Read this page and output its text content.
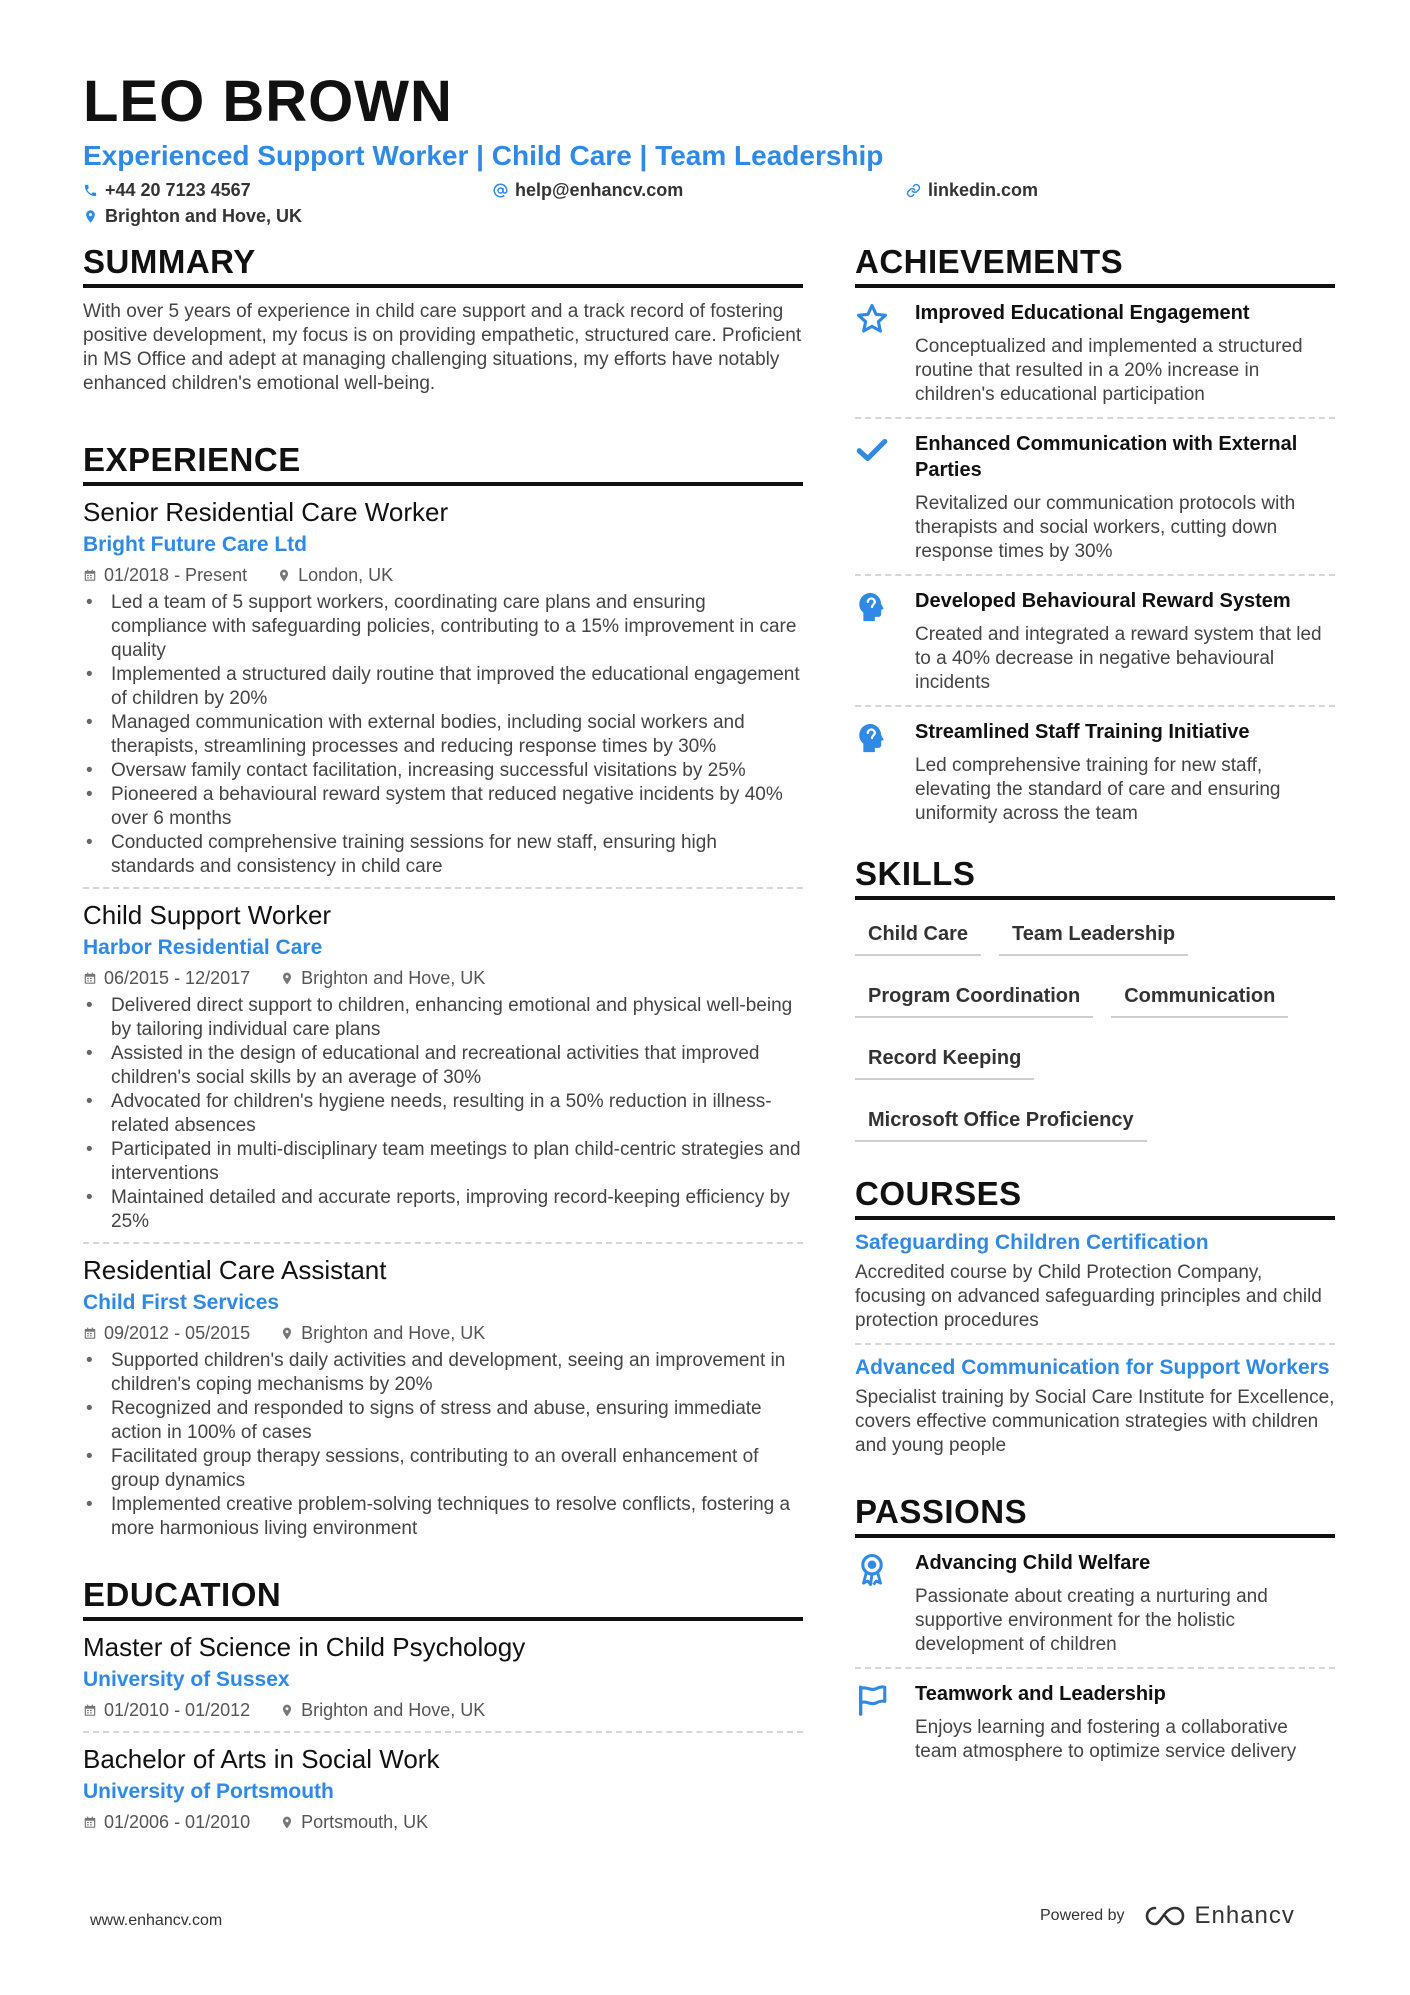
LEO BROWN
Experienced Support Worker | Child Care | Team Leadership
+44 20 7123 4567	help@enhancv.com	linkedin.com
Brighton and Hove, UK
SUMMARY
With over 5 years of experience in child care support and a track record of fostering positive development, my focus is on providing empathetic, structured care. Proficient in MS Office and adept at managing challenging situations, my efforts have notably enhanced children's emotional well-being.
EXPERIENCE
Senior Residential Care Worker
Bright Future Care Ltd
01/2018 - Present	London, UK
• Led a team of 5 support workers, coordinating care plans and ensuring compliance with safeguarding policies, contributing to a 15% improvement in care quality
• Implemented a structured daily routine that improved the educational engagement of children by 20%
• Managed communication with external bodies, including social workers and therapists, streamlining processes and reducing response times by 30%
• Oversaw family contact facilitation, increasing successful visitations by 25%
• Pioneered a behavioural reward system that reduced negative incidents by 40% over 6 months
• Conducted comprehensive training sessions for new staff, ensuring high standards and consistency in child care
Child Support Worker
Harbor Residential Care
06/2015 - 12/2017	Brighton and Hove, UK
• Delivered direct support to children, enhancing emotional and physical well-being by tailoring individual care plans
• Assisted in the design of educational and recreational activities that improved children's social skills by an average of 30%
• Advocated for children's hygiene needs, resulting in a 50% reduction in illness-related absences
• Participated in multi-disciplinary team meetings to plan child-centric strategies and interventions
• Maintained detailed and accurate reports, improving record-keeping efficiency by 25%
Residential Care Assistant
Child First Services
09/2012 - 05/2015	Brighton and Hove, UK
• Supported children's daily activities and development, seeing an improvement in children's coping mechanisms by 20%
• Recognized and responded to signs of stress and abuse, ensuring immediate action in 100% of cases
• Facilitated group therapy sessions, contributing to an overall enhancement of group dynamics
• Implemented creative problem-solving techniques to resolve conflicts, fostering a more harmonious living environment
EDUCATION
Master of Science in Child Psychology
University of Sussex
01/2010 - 01/2012	Brighton and Hove, UK
Bachelor of Arts in Social Work
University of Portsmouth
01/2006 - 01/2010	Portsmouth, UK
ACHIEVEMENTS
Improved Educational Engagement
Conceptualized and implemented a structured routine that resulted in a 20% increase in children's educational participation
Enhanced Communication with External Parties
Revitalized our communication protocols with therapists and social workers, cutting down response times by 30%
Developed Behavioural Reward System
Created and integrated a reward system that led to a 40% decrease in negative behavioural incidents
Streamlined Staff Training Initiative
Led comprehensive training for new staff, elevating the standard of care and ensuring uniformity across the team
SKILLS
Child Care	Team Leadership
Program Coordination	Communication
Record Keeping
Microsoft Office Proficiency
COURSES
Safeguarding Children Certification
Accredited course by Child Protection Company, focusing on advanced safeguarding principles and child protection procedures
Advanced Communication for Support Workers
Specialist training by Social Care Institute for Excellence, covers effective communication strategies with children and young people
PASSIONS
Advancing Child Welfare
Passionate about creating a nurturing and supportive environment for the holistic development of children
Teamwork and Leadership
Enjoys learning and fostering a collaborative team atmosphere to optimize service delivery
www.enhancv.com	Powered by	Enhancv
